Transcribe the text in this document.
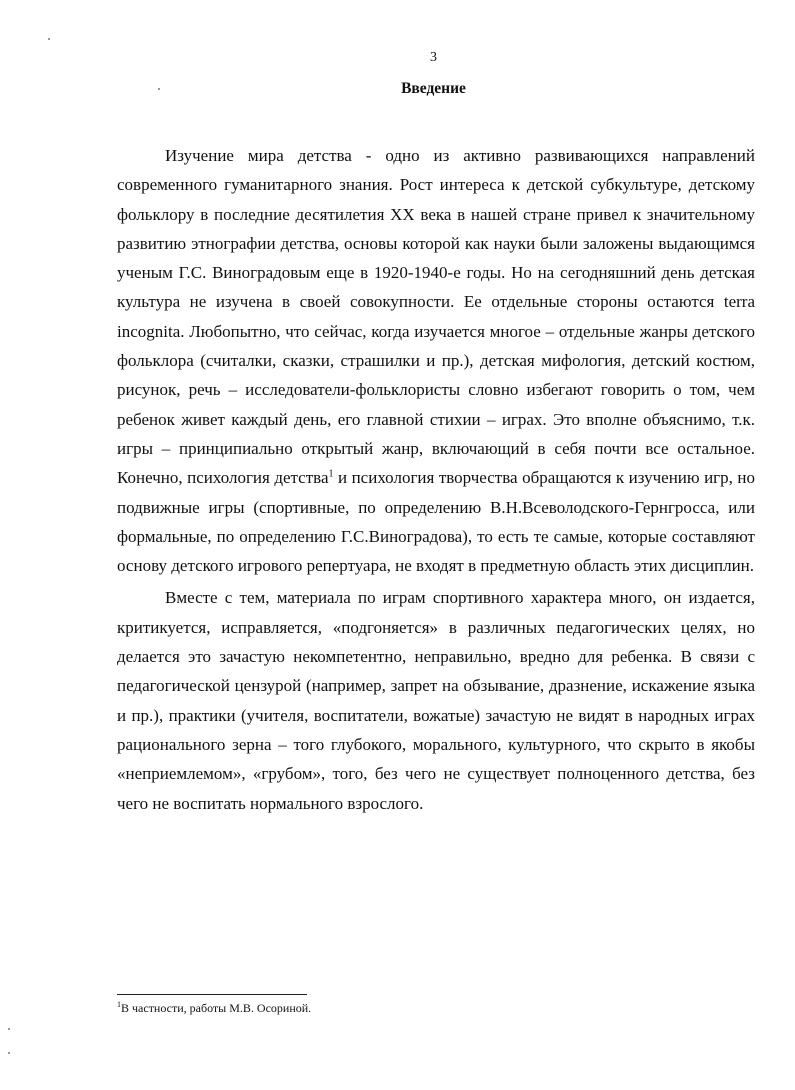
3
Введение

Изучение мира детства - одно из активно развивающихся направлений современного гуманитарного знания. Рост интереса к детской субкультуре, детскому фольклору в последние десятилетия XX века в нашей стране привел к значительному развитию этнографии детства, основы которой как науки были заложены выдающимся ученым Г.С. Виноградовым еще в 1920-1940-е годы. Но на сегодняшний день детская культура не изучена в своей совокупности. Ее отдельные стороны остаются terra incognita. Любопытно, что сейчас, когда изучается многое – отдельные жанры детского фольклора (считалки, сказки, страшилки и пр.), детская мифология, детский костюм, рисунок, речь – исследователи-фольклористы словно избегают говорить о том, чем ребенок живет каждый день, его главной стихии – играх. Это вполне объяснимо, т.к. игры – принципиально открытый жанр, включающий в себя почти все остальное. Конечно, психология детства$^1$ и психология творчества обращаются к изучению игр, но подвижные игры (спортивные, по определению В.Н.Всеволодского-Гернгросса, или формальные, по определению Г.С.Виноградова), то есть те самые, которые составляют основу детского игрового репертуара, не входят в предметную область этих дисциплин.

Вместе с тем, материала по играм спортивного характера много, он издается, критикуется, исправляется, «подгоняется» в различных педагогических целях, но делается это зачастую некомпетентно, неправильно, вредно для ребенка. В связи с педагогической цензурой (например, запрет на обзывание, дразнение, искажение языка и пр.), практики (учителя, воспитатели, вожатые) зачастую не видят в народных играх рационального зерна – того глубокого, морального, культурного, что скрыто в якобы «неприемлемом», «грубом», того, без чего не существует полноценного детства, без чего не воспитать нормального взрослого.

$^1$В частности, работы М.В. Осориной.
